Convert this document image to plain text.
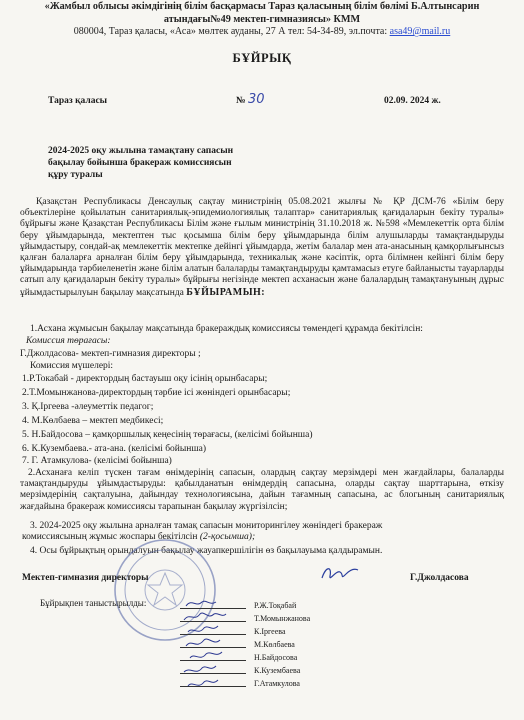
«Жамбыл облысы әкімдігінің білім басқармасы Тараз қаласының білім бөлімі Б.Алтынсарин
атындағы№49 мектеп-гимназиясы» КММ
080004, Тараз қаласы, «Аса» мөлтек ауданы, 27 А тел: 54-34-89, эл.почта: asa49@mail.ru
БҰЙРЫҚ
Тараз қаласы	№ 30	02.09. 2024 ж.
2024-2025 оқу жылына тамақтану сапасын
бақылау бойынша бракераж комиссиясын
құру туралы
Қазақстан Республикасы Денсаулық сақтау министрінің 05.08.2021 жылғы № ҚР ДСМ-76 «Білім беру объектілеріне қойылатын санитариялық-эпидемиологиялық талаптар» санитариялық қағидаларын бекіту туралы» бұйрығы және Қазақстан Республикасы Білім және ғылым министрінің 31.10.2018 ж. №598 «Мемлекеттік орта білім беру ұйымдарында, мектептен тыс қосымша білім беру ұйымдарында білім алушыларды тамақтандыруды ұйымдастыру, сондай-ақ мемлекеттік мектепке дейінгі ұйымдарда, жетім балалар мен ата-анасының қамқорлығынсыз қалған балаларға арналған білім беру ұйымдарында, техникалық және кәсіптік, орта білімнен кейінгі білім беру ұйымдарында тәрбиеленетін және білім алатын балаларды тамақтандыруды қамтамасыз етуге байланысты тауарларды сатып алу қағидаларын бекіту туралы» бұйрығы негізінде мектеп асханасын және балалардың тамақтануының дұрыс ұйымдастырылуын бақылау мақсатында БҰЙЫРАМЫН:
1.Асхана жұмысын бақылау мақсатында бракераждық комиссиясы төмендегі құрамда бекітілсін:
Комиссия төрағасы:
Г.Джолдасова- мектеп-гимназия директоры ;
Комиссия мүшелері:
1.Р.Токабай - директордың бастауыш оқу ісінің орынбасары;
2.Т.Момынжанова-директордың тәрбие ісі жөніндегі орынбасары;
3. Қ.Іргеева -әлеуметтік педагог;
4. М.Көлбаева – мектеп медбикесі;
5. Н.Байдосова – қамқоршылық кеңесінің төрағасы, (келісімі бойынша)
6. К.Кузембаева.- ата-ана. (келісімі бойынша)
7. Г. Атамкулова- (келісімі бойынша)
2.Асханаға келіп түскен тағам өнімдерінің сапасын, олардың сақтау мерзімдері мен жағдайлары, балаларды тамақтандыруды ұйымдастыруды: қабылданатын өнімдердің сапасына, оларды сақтау шарттарына, өткізу мерзімдерінің сақталуына, дайындау технологиясына, дайын тағамның сапасына, ас блогының санитариялық жағдайына бракераж комиссиясы тарапынан бақылау жүргізілсін;
3. 2024-2025 оқу жылына арналған тамақ сапасын мониторингілеу жөніндегі бракераж
комиссиясының жұмыс жоспары бекітілсін (2-қосымша);
4. Осы бұйрықтың орындалуын бақылау жауапкершілігін өз бақылауыма қалдырамын.
Мектеп-гимназия директоры	Г.Джолдасова
Бұйрықпен таныстырылды:	Р.Ж.Тоқабай
Т.Момынжанова
К.Іргеева
М.Көлбаева
Н.Байдосова
К.Кузембаева
Г.Атамкулова
